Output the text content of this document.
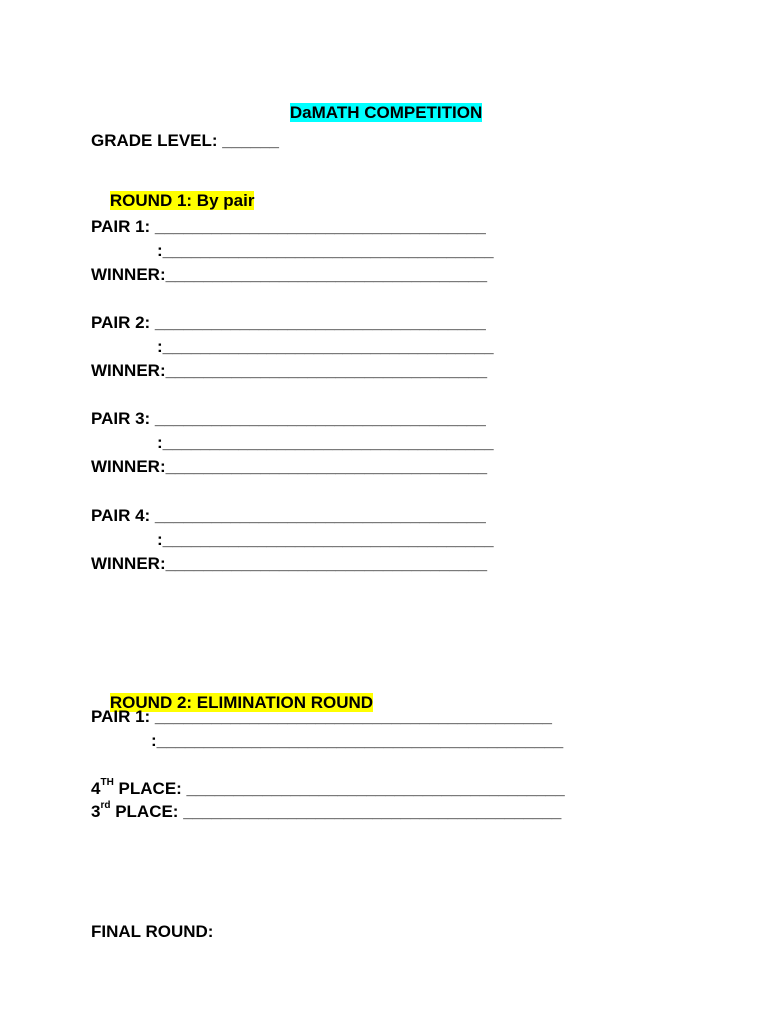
DaMATH COMPETITION

GRADE LEVEL: ______

ROUND 1: By pair

PAIR 1: ___________________________________
:___________________________________
WINNER:__________________________________
PAIR 2: ___________________________________
:___________________________________
WINNER:__________________________________
PAIR 3: ___________________________________
:___________________________________
WINNER:__________________________________
PAIR 4: ___________________________________
:___________________________________
WINNER:__________________________________

ROUND 2: ELIMINATION ROUND

PAIR 1: __________________________________________
:___________________________________________
4TH PLACE: ________________________________________
3rd PLACE: ________________________________________
FINAL ROUND:
